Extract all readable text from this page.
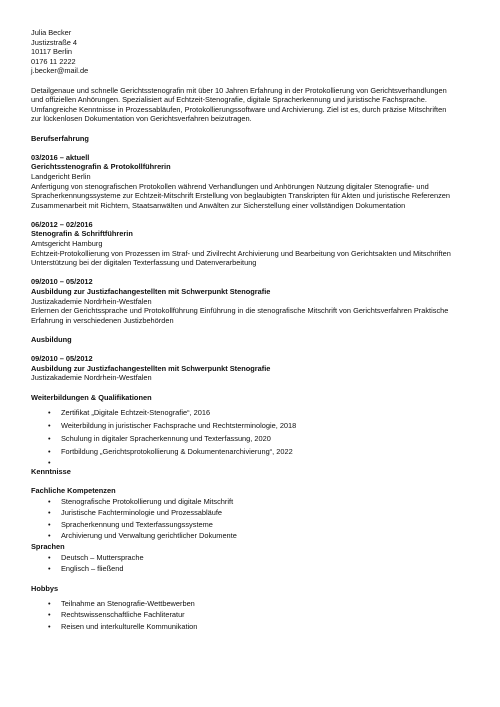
Julia Becker
Justizstraße 4
10117 Berlin
0176 11 2222
j.becker@mail.de
Detailgenaue und schnelle Gerichtsstenografin mit über 10 Jahren Erfahrung in der Protokollierung von Gerichtsverhandlungen
und offiziellen Anhörungen. Spezialisiert auf Echtzeit-Stenografie, digitale Spracherkennung und juristische Fachsprache.
Umfangreiche Kenntnisse in Prozessabläufen, Protokollierungssoftware und Archivierung. Ziel ist es, durch präzise Mitschriften
zur lückenlosen Dokumentation von Gerichtsverfahren beizutragen.
Berufserfahrung
03/2016 – aktuell
Gerichtsstenografin & Protokollführerin
Landgericht Berlin
Anfertigung von stenografischen Protokollen während Verhandlungen und Anhörungen Nutzung digitaler Stenografie- und
Spracherkennungssysteme zur Echtzeit-Mitschrift Erstellung von beglaubigten Transkripten für Akten und juristische Referenzen
Zusammenarbeit mit Richtern, Staatsanwälten und Anwälten zur Sicherstellung einer vollständigen Dokumentation
06/2012 – 02/2016
Stenografin & Schriftführerin
Amtsgericht Hamburg
Echtzeit-Protokollierung von Prozessen im Straf- und Zivilrecht Archivierung und Bearbeitung von Gerichtsakten und Mitschriften
Unterstützung bei der digitalen Texterfassung und Datenverarbeitung
09/2010 – 05/2012
Ausbildung zur Justizfachangestellten mit Schwerpunkt Stenografie
Justizakademie Nordrhein-Westfalen
Erlernen der Gerichtssprache und Protokollführung Einführung in die stenografische Mitschrift von Gerichtsverfahren Praktische
Erfahrung in verschiedenen Justizbehörden
Ausbildung
09/2010 – 05/2012
Ausbildung zur Justizfachangestellten mit Schwerpunkt Stenografie
Justizakademie Nordrhein-Westfalen
Weiterbildungen & Qualifikationen
• Zertifikat „Digitale Echtzeit-Stenografie“, 2016
• Weiterbildung in juristischer Fachsprache und Rechtsterminologie, 2018
• Schulung in digitaler Spracherkennung und Texterfassung, 2020
• Fortbildung „Gerichtsprotokollierung & Dokumentenarchivierung“, 2022
•
Kenntnisse
Fachliche Kompetenzen
• Stenografische Protokollierung und digitale Mitschrift
• Juristische Fachterminologie und Prozessabläufe
• Spracherkennung und Texterfassungssysteme
• Archivierung und Verwaltung gerichtlicher Dokumente
Sprachen
• Deutsch – Muttersprache
• Englisch – fließend
Hobbys
• Teilnahme an Stenografie-Wettbewerben
• Rechtswissenschaftliche Fachliteratur
• Reisen und interkulturelle Kommunikation
